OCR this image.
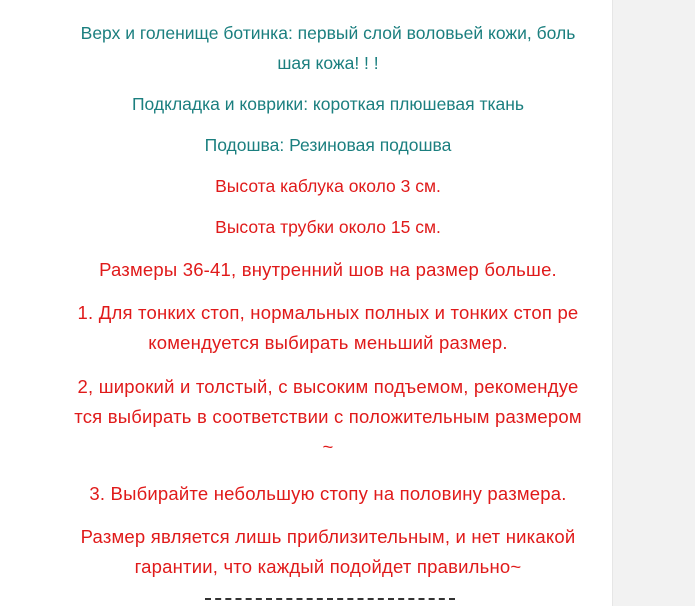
Верх и голенище ботинка: первый слой воловьей кожи, боль
шая кожа! ! !

Подкладка и коврики: короткая плюшевая ткань

Подошва: Резиновая подошва

Высота каблука около 3 см.

Высота трубки около 15 см.

Размеры 36-41, внутренний шов на размер больше.

1. Для тонких стоп, нормальных полных и тонких стоп ре
комендуется выбирать меньший размер.

2, широкий и толстый, с высоким подъемом, рекомендуе
тся выбирать в соответствии с положительным размером
~

3. Выбирайте небольшую стопу на половину размера.

Размер является лишь приблизительным, и нет никакой
гарантии, что каждый подойдет правильно~
